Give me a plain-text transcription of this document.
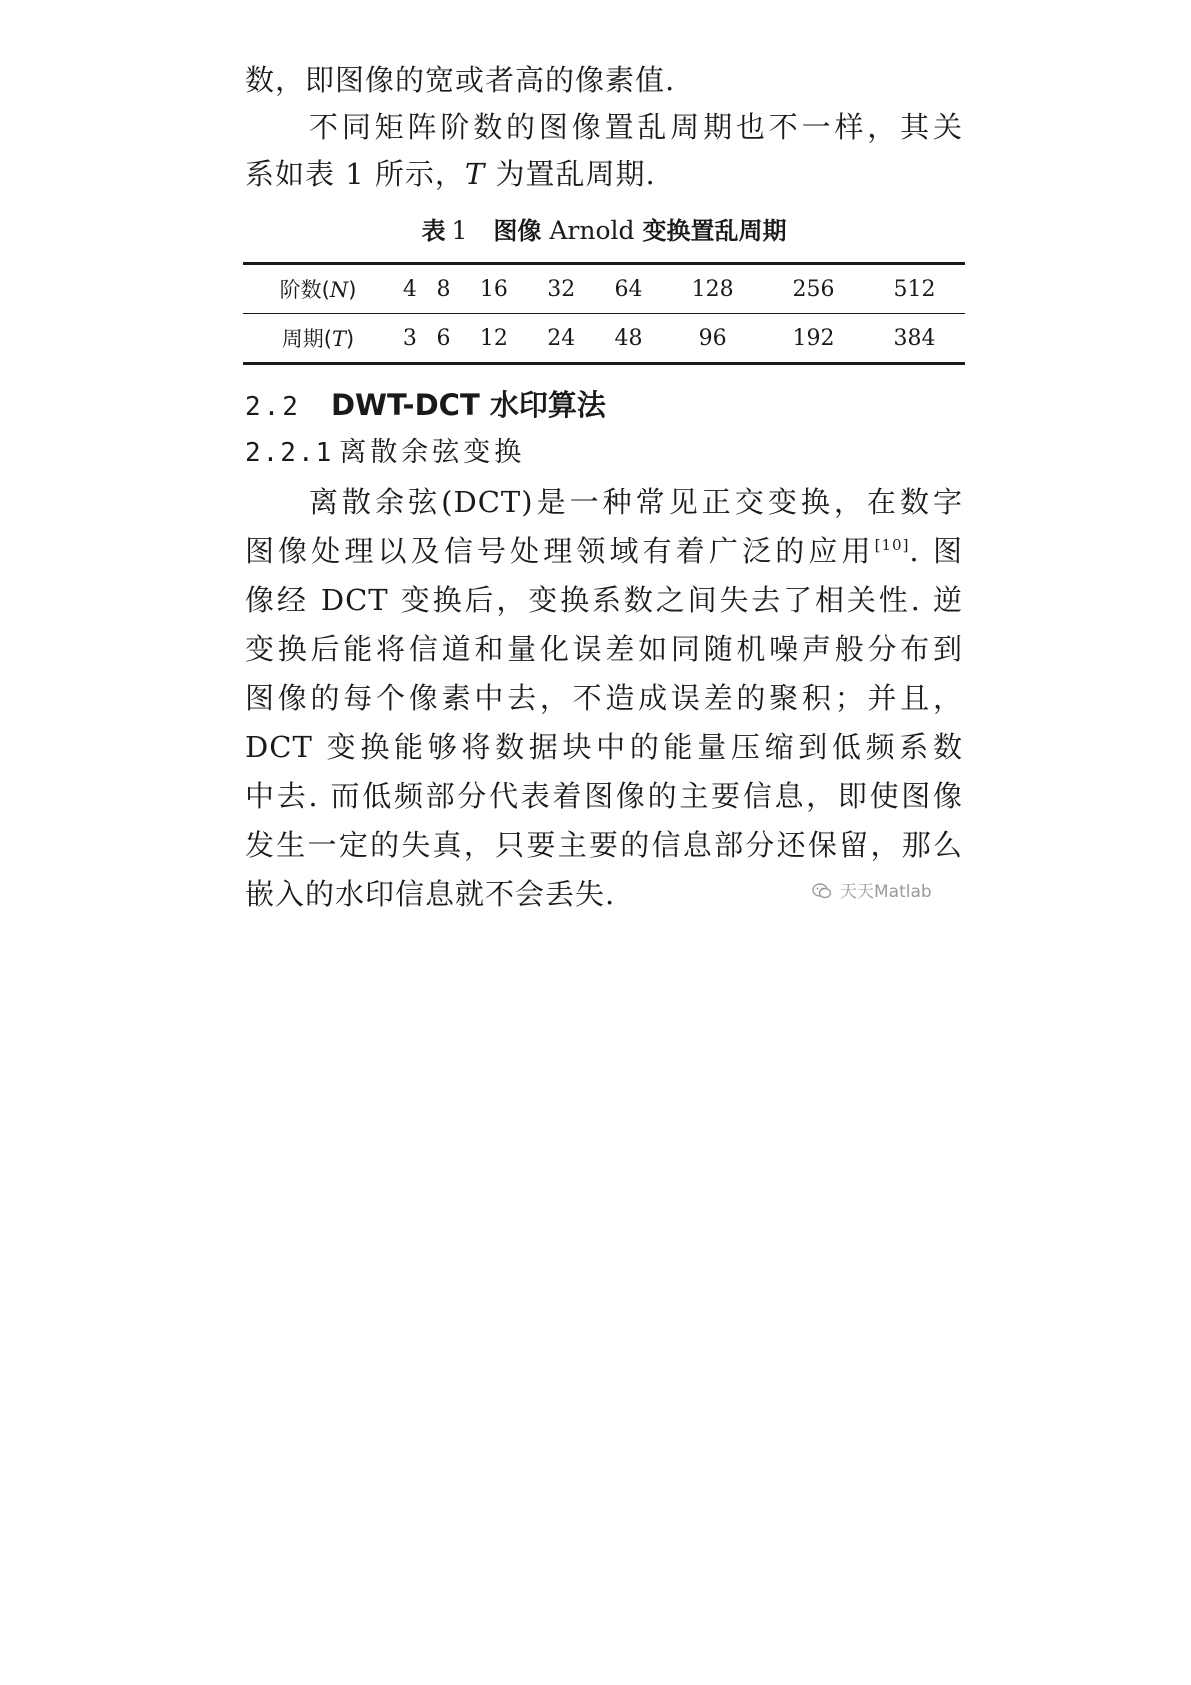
数，即图像的宽或者高的像素值.
不同矩阵阶数的图像置乱周期也不一样，其关
系如表 1 所示，T 为置乱周期.
表 1 图像 Arnold 变换置乱周期
阶数(N)	4	8	16	32	64	128	256	512
周期(T)	3	6	12	24	48	96	192	384
2.2 DWT-DCT 水印算法
2.2.1 离散余弦变换
离散余弦(DCT)是一种常见正交变换，在数字
图像处理以及信号处理领域有着广泛的应用[10]. 图
像经 DCT 变换后，变换系数之间失去了相关性. 逆
变换后能将信道和量化误差如同随机噪声般分布到
图像的每个像素中去，不造成误差的聚积；并且，
DCT 变换能够将数据块中的能量压缩到低频系数
中去. 而低频部分代表着图像的主要信息，即使图像
发生一定的失真，只要主要的信息部分还保留，那么
嵌入的水印信息就不会丢失.	天天Matlab
